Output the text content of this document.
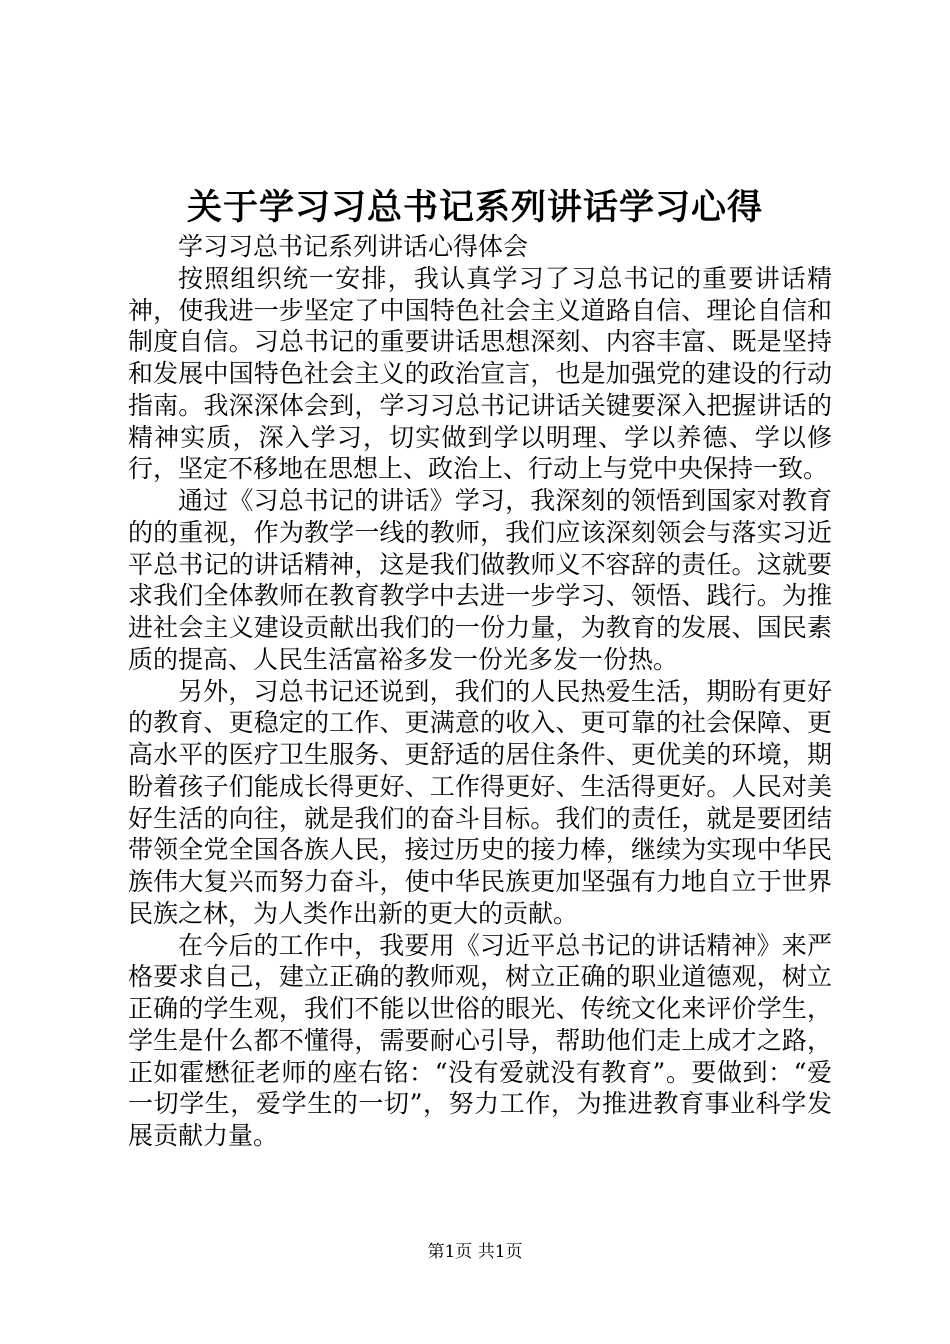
关于学习习总书记系列讲话学习心得

学习习总书记系列讲话心得体会

按照组织统一安排，我认真学习了习总书记的重要讲话精神，使我进一步坚定了中国特色社会主义道路自信、理论自信和制度自信。习总书记的重要讲话思想深刻、内容丰富、既是坚持和发展中国特色社会主义的政治宣言，也是加强党的建设的行动指南。我深深体会到，学习习总书记讲话关键要深入把握讲话的精神实质，深入学习，切实做到学以明理、学以养德、学以修行，坚定不移地在思想上、政治上、行动上与党中央保持一致。

通过《习总书记的讲话》学习，我深刻的领悟到国家对教育的的重视，作为教学一线的教师，我们应该深刻领会与落实习近平总书记的讲话精神，这是我们做教师义不容辞的责任。这就要求我们全体教师在教育教学中去进一步学习、领悟、践行。为推进社会主义建设贡献出我们的一份力量，为教育的发展、国民素质的提高、人民生活富裕多发一份光多发一份热。

另外，习总书记还说到，我们的人民热爱生活，期盼有更好的教育、更稳定的工作、更满意的收入、更可靠的社会保障、更高水平的医疗卫生服务、更舒适的居住条件、更优美的环境，期盼着孩子们能成长得更好、工作得更好、生活得更好。人民对美好生活的向往，就是我们的奋斗目标。我们的责任，就是要团结带领全党全国各族人民，接过历史的接力棒，继续为实现中华民族伟大复兴而努力奋斗，使中华民族更加坚强有力地自立于世界民族之林，为人类作出新的更大的贡献。

在今后的工作中，我要用《习近平总书记的讲话精神》来严格要求自己，建立正确的教师观，树立正确的职业道德观，树立正确的学生观，我们不能以世俗的眼光、传统文化来评价学生，学生是什么都不懂得，需要耐心引导，帮助他们走上成才之路，正如霍懋征老师的座右铭：“没有爱就没有教育”。要做到：“爱一切学生，爱学生的一切”，努力工作，为推进教育事业科学发展贡献力量。

第1页 共1页
